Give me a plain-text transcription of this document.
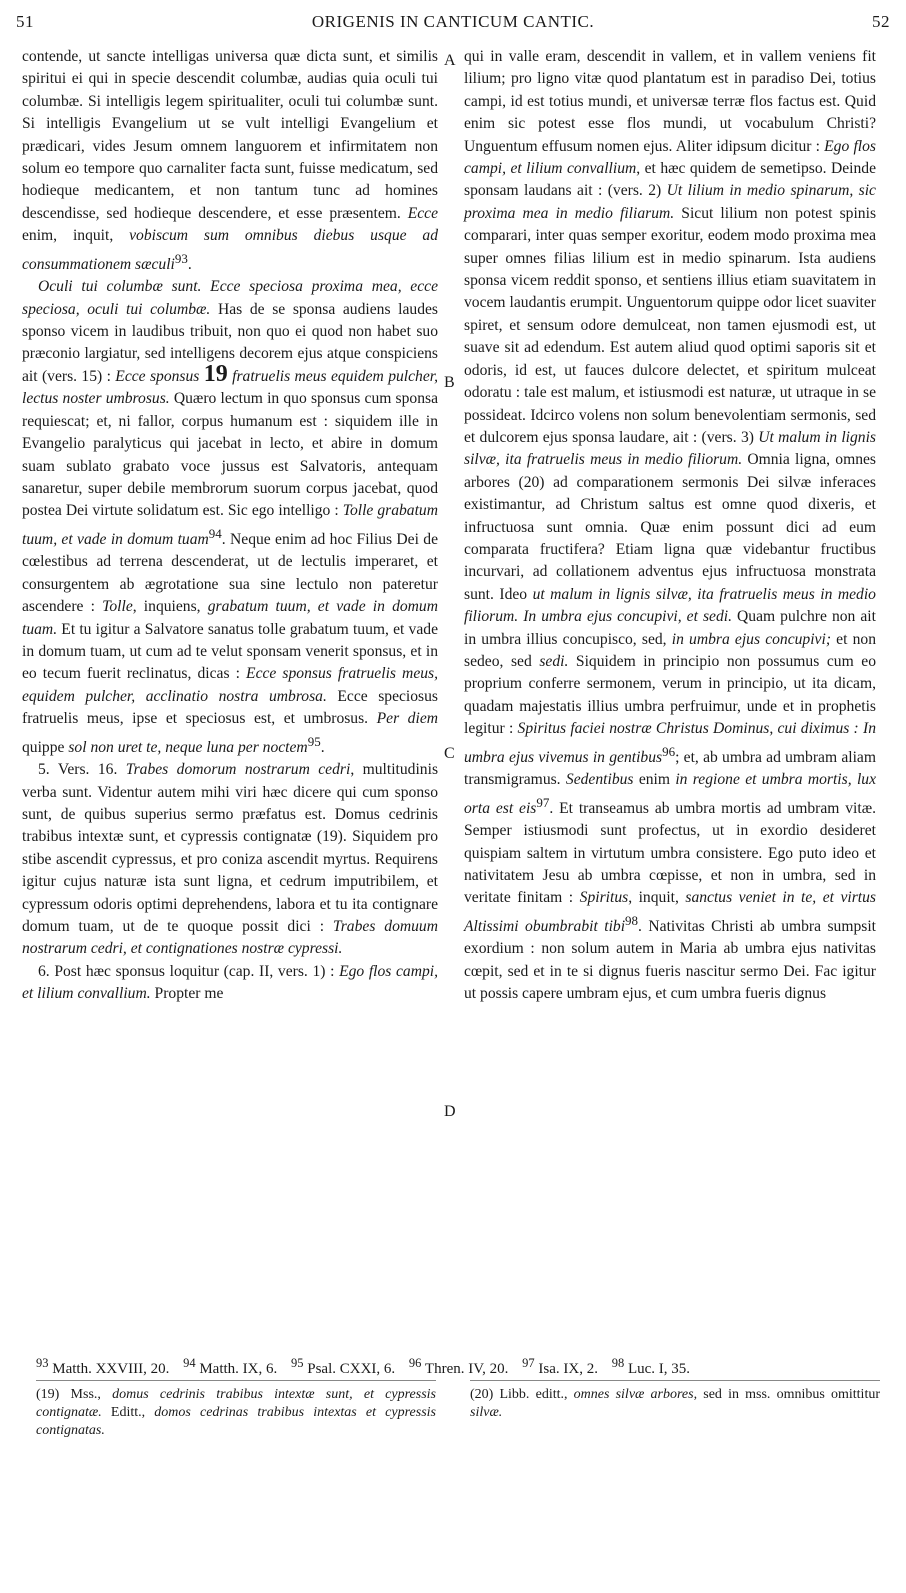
51	ORIGENIS IN CANTICUM CANTIC.	52
A
B
C
D

contende, ut sancte intelligas universa quæ dicta sunt, et similis spiritui ei qui in specie descendit columbæ, audias quia oculi tui columbæ. Si intelligis legem spiritualiter, oculi tui columbæ sunt. Si intelligis Evangelium ut se vult intelligi Evangelium et prædicari, vides Jesum omnem languorem et infirmitatem non solum eo tempore quo carnaliter facta sunt, fuisse medicatum, sed hodieque medicantem, et non tantum tunc ad homines descendisse, sed hodieque descendere, et esse præsentem. Ecce enim, inquit, vobiscum sum omnibus diebus usque ad consummationem sæculi$^{93}$.

Oculi tui columbæ sunt. Ecce speciosa proxima mea, ecce speciosa, oculi tui columbæ. Has de se sponsa audiens laudes sponso vicem in laudibus tribuit, non quo ei quod non habet suo præconio largiatur, sed intelligens decorem ejus atque conspiciens ait (vers. 15) : Ecce sponsus 19 fratruelis meus equidem pulcher, lectus noster umbrosus. Quæro lectum in quo sponsus cum sponsa requiescat; et, ni fallor, corpus humanum est : siquidem ille in Evangelio paralyticus qui jacebat in lecto, et abire in domum suam sublato grabato voce jussus est Salvatoris, antequam sanaretur, super debile membrorum suorum corpus jacebat, quod postea Dei virtute solidatum est. Sic ego intelligo : Tolle grabatum tuum, et vade in domum tuam$^{94}$. Neque enim ad hoc Filius Dei de cœlestibus ad terrena descenderat, ut de lectulis imperaret, et consurgentem ab ægrotatione sua sine lectulo non pateretur ascendere : Tolle, inquiens, grabatum tuum, et vade in domum tuam. Et tu igitur a Salvatore sanatus tolle grabatum tuum, et vade in domum tuam, ut cum ad te velut sponsam venerit sponsus, et in eo tecum fuerit reclinatus, dicas : Ecce sponsus fratruelis meus, equidem pulcher, acclinatio nostra umbrosa. Ecce speciosus fratruelis meus, ipse et speciosus est, et umbrosus. Per diem quippe sol non uret te, neque luna per noctem$^{95}$.

5. Vers. 16. Trabes domorum nostrarum cedri, multitudinis verba sunt. Videntur autem mihi viri hæc dicere qui cum sponso sunt, de quibus superius sermo præfatus est. Domus cedrinis trabibus intextæ sunt, et cypressis contignatæ (19). Siquidem pro stibe ascendit cypressus, et pro coniza ascendit myrtus. Requirens igitur cujus naturæ ista sunt ligna, et cedrum imputribilem, et cypressum odoris optimi deprehendens, labora et tu ita contignare domum tuam, ut de te quoque possit dici : Trabes domuum nostrarum cedri, et contignationes nostræ cypressi.

6. Post hæc sponsus loquitur (cap. II, vers. 1) : Ego flos campi, et lilium convallium. Propter me

qui in valle eram, descendit in vallem, et in vallem veniens fit lilium; pro ligno vitæ quod plantatum est in paradiso Dei, totius campi, id est totius mundi, et universæ terræ flos factus est. Quid enim sic potest esse flos mundi, ut vocabulum Christi? Unguentum effusum nomen ejus. Aliter idipsum dicitur : Ego flos campi, et lilium convallium, et hæc quidem de semetipso. Deinde sponsam laudans ait : (vers. 2) Ut lilium in medio spinarum, sic proxima mea in medio filiarum. Sicut lilium non potest spinis comparari, inter quas semper exoritur, eodem modo proxima mea super omnes filias lilium est in medio spinarum. Ista audiens sponsa vicem reddit sponso, et sentiens illius etiam suavitatem in vocem laudantis erumpit. Unguentorum quippe odor licet suaviter spiret, et sensum odore demulceat, non tamen ejusmodi est, ut suave sit ad edendum. Est autem aliud quod optimi saporis sit et odoris, id est, ut fauces dulcore delectet, et spiritum mulceat odoratu : tale est malum, et istiusmodi est naturæ, ut utraque in se possideat. Idcirco volens non solum benevolentiam sermonis, sed et dulcorem ejus sponsa laudare, ait : (vers. 3) Ut malum in lignis silvæ, ita fratruelis meus in medio filiorum. Omnia ligna, omnes arbores (20) ad comparationem sermonis Dei silvæ inferaces existimantur, ad Christum saltus est omne quod dixeris, et infructuosa sunt omnia. Quæ enim possunt dici ad eum comparata fructifera? Etiam ligna quæ videbantur fructibus incurvari, ad collationem adventus ejus infructuosa monstrata sunt. Ideo ut malum in lignis silvæ, ita fratruelis meus in medio filiorum. In umbra ejus concupivi, et sedi. Quam pulchre non ait in umbra illius concupisco, sed, in umbra ejus concupivi; et non sedeo, sed sedi. Siquidem in principio non possumus cum eo proprium conferre sermonem, verum in principio, ut ita dicam, quadam majestatis illius umbra perfruimur, unde et in prophetis legitur : Spiritus faciei nostræ Christus Dominus, cui diximus : In umbra ejus vivemus in gentibus$^{96}$; et, ab umbra ad umbram aliam transmigramus. Sedentibus enim in regione et umbra mortis, lux orta est eis$^{97}$. Et transeamus ab umbra mortis ad umbram vitæ. Semper istiusmodi sunt profectus, ut in exordio desideret quispiam saltem in virtutum umbra consistere. Ego puto ideo et nativitatem Jesu ab umbra cœpisse, et non in umbra, sed in veritate finitam : Spiritus, inquit, sanctus veniet in te, et virtus Altissimi obumbrabit tibi$^{98}$. Nativitas Christi ab umbra sumpsit exordium : non solum autem in Maria ab umbra ejus nativitas cœpit, sed et in te si dignus fueris nascitur sermo Dei. Fac igitur ut possis capere umbram ejus, et cum umbra fueris dignus

$^{93}$ Matth. XXVIII, 20. $^{94}$ Matth. IX, 6. $^{95}$ Psal. CXXI, 6. $^{96}$ Thren. IV, 20. $^{97}$ Isa. IX, 2. $^{98}$ Luc. I, 35.
(19) Mss., domus cedrinis trabibus intextæ sunt, et cypressis contignatæ. Editt., domos cedrinas trabibus intextas et cypressis contignatas.
(20) Libb. editt., omnes silvæ arbores, sed in mss. omnibus omittitur silvæ.
